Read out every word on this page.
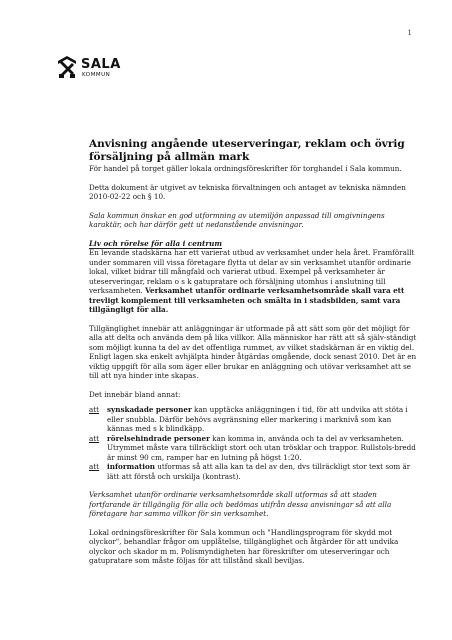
1
SALA
KOMMUN
Anvisning angående uteserveringar, reklam och övrig försäljning på allmän mark

För handel på torget gäller lokala ordningsföreskrifter för torghandel i Sala kommun.

Detta dokument är utgivet av tekniska förvaltningen och antaget av tekniska nämnden 2010-02-22 och § 10.

Sala kommun önskar en god utformning av utemiljön anpassad till omgivningens karaktär, och har därför gett ut nedanstående anvisningar.

Liv och rörelse för alla i centrum

En levande stadskärna har ett varierat utbud av verksamhet under hela året. Framförallt under sommaren vill vissa företagare flytta ut delar av sin verksamhet utanför ordinarie lokal, vilket bidrar till mångfald och varierat utbud. Exempel på verksamheter är uteserveringar, reklam o s k gatupratare och försäljning utomhus i anslutning till verksamheten. Verksamhet utanför ordinarie verksamhetsområde skall vara ett trevligt komplement till verksamheten och smälta in i stadsbilden, samt vara tillgängligt för alla.

Tillgänglighet innebär att anläggningar är utformade på att sätt som gör det möjligt för alla att delta och använda dem på lika villkor. Alla människor har rätt att så själv-ständigt som möjligt kunna ta del av det offentliga rummet, av vilket stadskärnan är en viktig del. Enligt lagen ska enkelt avhjälpta hinder åtgärdas omgående, dock senast 2010. Det är en viktig uppgift för alla som äger eller brukar en anläggning och utövar verksamhet att se till att nya hinder inte skapas.

Det innebär bland annat:

att	synskadade personer kan upptäcka anläggningen i tid, för att undvika att stöta i eller snubbla. Därför behövs avgränsning eller markering i marknivå som kan kännas med s k blindkäpp.
att	rörelsehindrade personer kan komma in, använda och ta del av verksamheten. Utrymmet måste vara tillräckligt stort och utan trösklar och trappor. Rullstols-bredd är minst 90 cm, ramper har en lutning på högst 1:20.
att	information utformas så att alla kan ta del av den, dvs tillräckligt stor text som är lätt att förstå och urskilja (kontrast).

Verksamhet utanför ordinarie verksamhetsområde skall utformas så att staden fortfarande är tillgänglig för alla och bedömas utifrån dessa anvisningar så att alla företagare har samma villkor för sin verksamhet.

Lokal ordningsföreskrifter för Sala kommun och "Handlingsprogram för skydd mot olyckor", behandlar frågor om upplåtelse, tillgänglighet och åtgärder för att undvika olyckor och skador m m. Polismyndigheten har föreskrifter om uteserveringar och gatupratare som måste följas för att tillstånd skall beviljas.
